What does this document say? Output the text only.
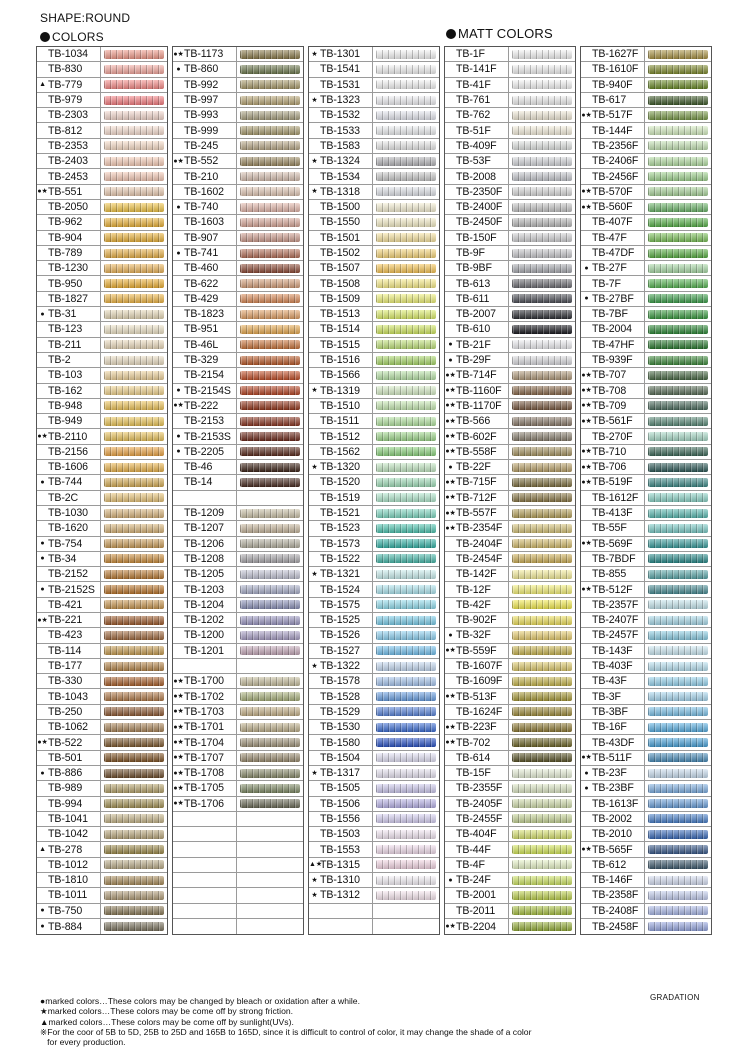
SHAPE:ROUND
COLORS	MATT COLORS
TB-1034
TB-830
▲ TB-779
TB-979
TB-2303
TB-812
TB-2353
TB-2403
TB-2453
●★ TB-551
TB-2050
TB-962
TB-904
TB-789
TB-1230
TB-950
TB-1827
● TB-31
TB-123
TB-211
TB-2
TB-103
TB-162
TB-948
TB-949
●★ TB-2110
TB-2156
TB-1606
● TB-744
TB-2C
TB-1030
TB-1620
● TB-754
● TB-34
TB-2152
● TB-2152S
TB-421
●★ TB-221
TB-423
TB-114
TB-177
TB-330
TB-1043
TB-250
TB-1062
●★ TB-522
TB-501
● TB-886
TB-989
TB-994
TB-1041
TB-1042
▲ TB-278
TB-1012
TB-1810
TB-1011
● TB-750
● TB-884
●★ TB-1173
● TB-860
TB-992
TB-997
TB-993
TB-999
TB-245
●★ TB-552
TB-210
TB-1602
● TB-740
TB-1603
TB-907
● TB-741
TB-460
TB-622
TB-429
TB-1823
TB-951
TB-46L
TB-329
TB-2154
● TB-2154S
●★ TB-222
TB-2153
● TB-2153S
● TB-2205
TB-46
TB-14
TB-1209
TB-1207
TB-1206
TB-1208
TB-1205
TB-1203
TB-1204
TB-1202
TB-1200
TB-1201
●★ TB-1700
●★ TB-1702
●★ TB-1703
●★ TB-1701
●★ TB-1704
●★ TB-1707
●★ TB-1708
●★ TB-1705
●★ TB-1706
★ TB-1301
TB-1541
TB-1531
★ TB-1323
TB-1532
TB-1533
TB-1583
★ TB-1324
TB-1534
★ TB-1318
TB-1500
TB-1550
TB-1501
TB-1502
TB-1507
TB-1508
TB-1509
TB-1513
TB-1514
TB-1515
TB-1516
TB-1566
★ TB-1319
TB-1510
TB-1511
TB-1512
TB-1562
★ TB-1320
TB-1520
TB-1519
TB-1521
TB-1523
TB-1573
TB-1522
★ TB-1321
TB-1524
TB-1575
TB-1525
TB-1526
TB-1527
★ TB-1322
TB-1578
TB-1528
TB-1529
TB-1530
TB-1580
TB-1504
★ TB-1317
TB-1505
TB-1506
TB-1556
TB-1503
TB-1553
▲★
TB-1315
★ TB-1310
★ TB-1312
TB-1F
TB-141F
TB-41F
TB-761
TB-762
TB-51F
TB-409F
TB-53F
TB-2008
TB-2350F
TB-2400F
TB-2450F
TB-150F
TB-9F
TB-9BF
TB-613
TB-611
TB-2007
TB-610
● TB-21F
● TB-29F
●★ TB-714F
●★ TB-1160F
●★ TB-1170F
●★ TB-566
●★ TB-602F
●★ TB-558F
● TB-22F
●★ TB-715F
●★ TB-712F
●★ TB-557F
●★ TB-2354F
TB-2404F
TB-2454F
TB-142F
TB-12F
TB-42F
TB-902F
● TB-32F
●★ TB-559F
TB-1607F
TB-1609F
●★ TB-513F
TB-1624F
●★ TB-223F
●★ TB-702
TB-614
TB-15F
TB-2355F
TB-2405F
TB-2455F
TB-404F
TB-44F
TB-4F
● TB-24F
TB-2001
TB-2011
●★ TB-2204
TB-1627F
TB-1610F
TB-940F
TB-617
●★ TB-517F
TB-144F
TB-2356F
TB-2406F
TB-2456F
●★ TB-570F
●★ TB-560F
TB-407F
TB-47F
TB-47DF
● TB-27F
TB-7F
● TB-27BF
TB-7BF
TB-2004
TB-47HF
TB-939F
●★ TB-707
●★ TB-708
●★ TB-709
●★ TB-561F
TB-270F
●★ TB-710
●★ TB-706
●★ TB-519F
TB-1612F
TB-413F
TB-55F
●★ TB-569F
TB-7BDF
TB-855
●★ TB-512F
TB-2357F
TB-2407F
TB-2457F
TB-143F
TB-403F
TB-43F
TB-3F
TB-3BF
TB-16F
TB-43DF
●★ TB-511F
● TB-23F
● TB-23BF
TB-1613F
TB-2002
TB-2010
●★ TB-565F
TB-612
TB-146F
TB-2358F
TB-2408F
TB-2458F
●marked colors…These colors may be changed by bleach or oxidation after a while.
★marked colors…These colors may be come off by strong friction.
▲marked colors…These colors may be come off by sunlight(UVs).
※For the coor of 5B to 5D, 25B to 25D and 165B to 165D, since it is difficult to control of color, it may change the shade of a color
for every production.
GRADATION
